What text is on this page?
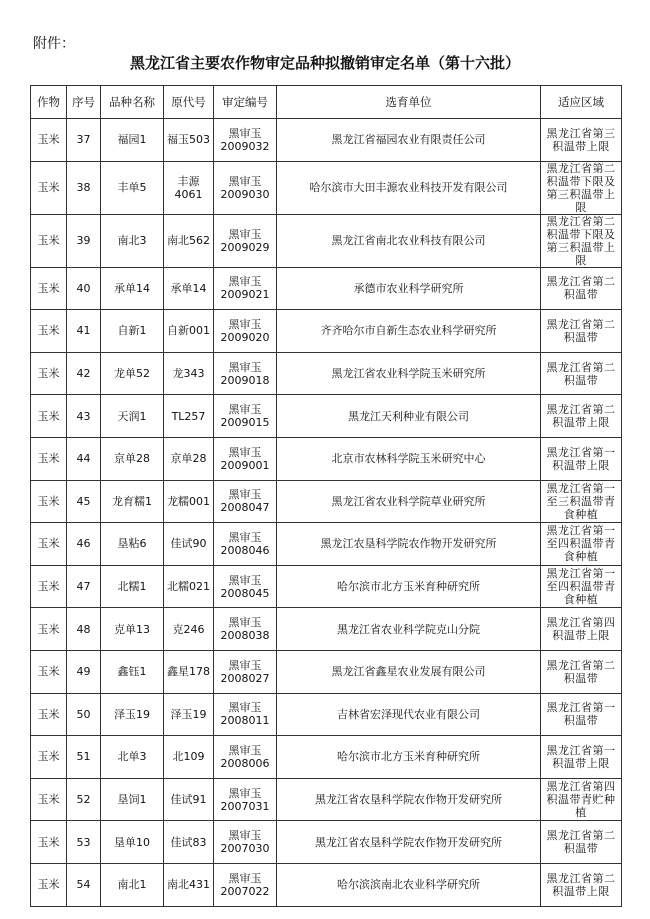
附件：
黑龙江省主要农作物审定品种拟撤销审定名单（第十六批）
作物	序号	品种名称	原代号	审定编号	选育单位	适应区域
玉米	37	福园1	福玉503	黑审玉2009032	黑龙江省福园农业有限责任公司	黑龙江省第三积温带上限
玉米	38	丰单5	丰源4061	黑审玉2009030	哈尔滨市大田丰源农业科技开发有限公司	黑龙江省第二积温带下限及第三积温带上限
玉米	39	南北3	南北562	黑审玉2009029	黑龙江省南北农业科技有限公司	黑龙江省第二积温带下限及第三积温带上限
玉米	40	承单14	承单14	黑审玉2009021	承德市农业科学研究所	黑龙江省第二积温带
玉米	41	自新1	自新001	黑审玉2009020	齐齐哈尔市自新生态农业科学研究所	黑龙江省第二积温带
玉米	42	龙单52	龙343	黑审玉2009018	黑龙江省农业科学院玉米研究所	黑龙江省第二积温带
玉米	43	天润1	TL257	黑审玉2009015	黑龙江天利种业有限公司	黑龙江省第二积温带上限
玉米	44	京单28	京单28	黑审玉2009001	北京市农林科学院玉米研究中心	黑龙江省第一积温带上限
玉米	45	龙育糯1	龙糯001	黑审玉2008047	黑龙江省农业科学院草业研究所	黑龙江省第一至三积温带青食种植
玉米	46	垦粘6	佳试90	黑审玉2008046	黑龙江农垦科学院农作物开发研究所	黑龙江省第一至四积温带青食种植
玉米	47	北糯1	北糯021	黑审玉2008045	哈尔滨市北方玉米育种研究所	黑龙江省第一至四积温带青食种植
玉米	48	克单13	克246	黑审玉2008038	黑龙江省农业科学院克山分院	黑龙江省第四积温带上限
玉米	49	鑫钰1	鑫星178	黑审玉2008027	黑龙江省鑫星农业发展有限公司	黑龙江省第二积温带
玉米	50	泽玉19	泽玉19	黑审玉2008011	吉林省宏泽现代农业有限公司	黑龙江省第一积温带
玉米	51	北单3	北109	黑审玉2008006	哈尔滨市北方玉米育种研究所	黑龙江省第一积温带上限
玉米	52	垦饲1	佳试91	黑审玉2007031	黑龙江省农垦科学院农作物开发研究所	黑龙江省第四积温带青贮种植
玉米	53	垦单10	佳试83	黑审玉2007030	黑龙江省农垦科学院农作物开发研究所	黑龙江省第二积温带
玉米	54	南北1	南北431	黑审玉2007022	哈尔滨滨南北农业科学研究所	黑龙江省第二积温带上限
